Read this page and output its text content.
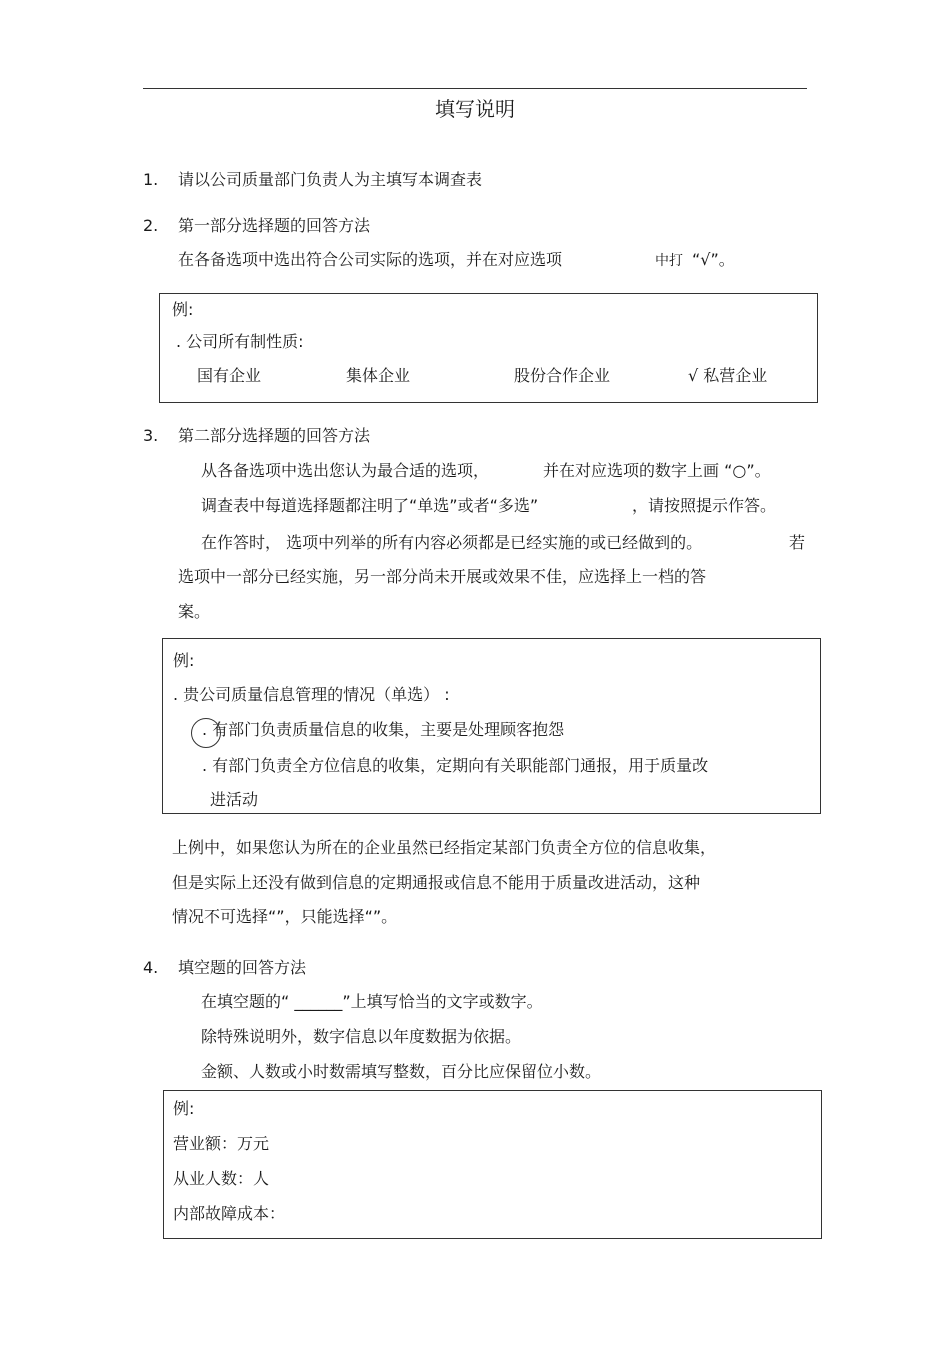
填写说明
1. 请以公司质量部门负责人为主填写本调查表
2. 第一部分选择题的回答方法
在各备选项中选出符合公司实际的选项，并在对应选项	中打 “√”。
例:
. 公司所有制性质:
国有企业	集体企业	股份合作企业	√ 私营企业
3. 第二部分选择题的回答方法
从各备选项中选出您认为最合适的选项，	并在对应选项的数字上画 “○”。
调查表中每道选择题都注明了“单选”或者“多选”	，请按照提示作答。
在作答时， 选项中列举的所有内容必须都是已经实施的或已经做到的。	若
选项中一部分已经实施，另一部分尚未开展或效果不佳，应选择上一档的答
案。
例:
. 贵公司质量信息管理的情况（单选） :
. 有部门负责质量信息的收集，主要是处理顾客抱怨
. 有部门负责全方位信息的收集，定期向有关职能部门通报，用于质量改
进活动
上例中，如果您认为所在的企业虽然已经指定某部门负责全方位的信息收集，
但是实际上还没有做到信息的定期通报或信息不能用于质量改进活动，这种
情况不可选择“”，只能选择“”。
4. 填空题的回答方法
在填空题的“ ______”上填写恰当的文字或数字。
除特殊说明外，数字信息以年度数据为依据。
金额、人数或小时数需填写整数，百分比应保留位小数。
例:
营业额：万元
从业人数：人
内部故障成本：
